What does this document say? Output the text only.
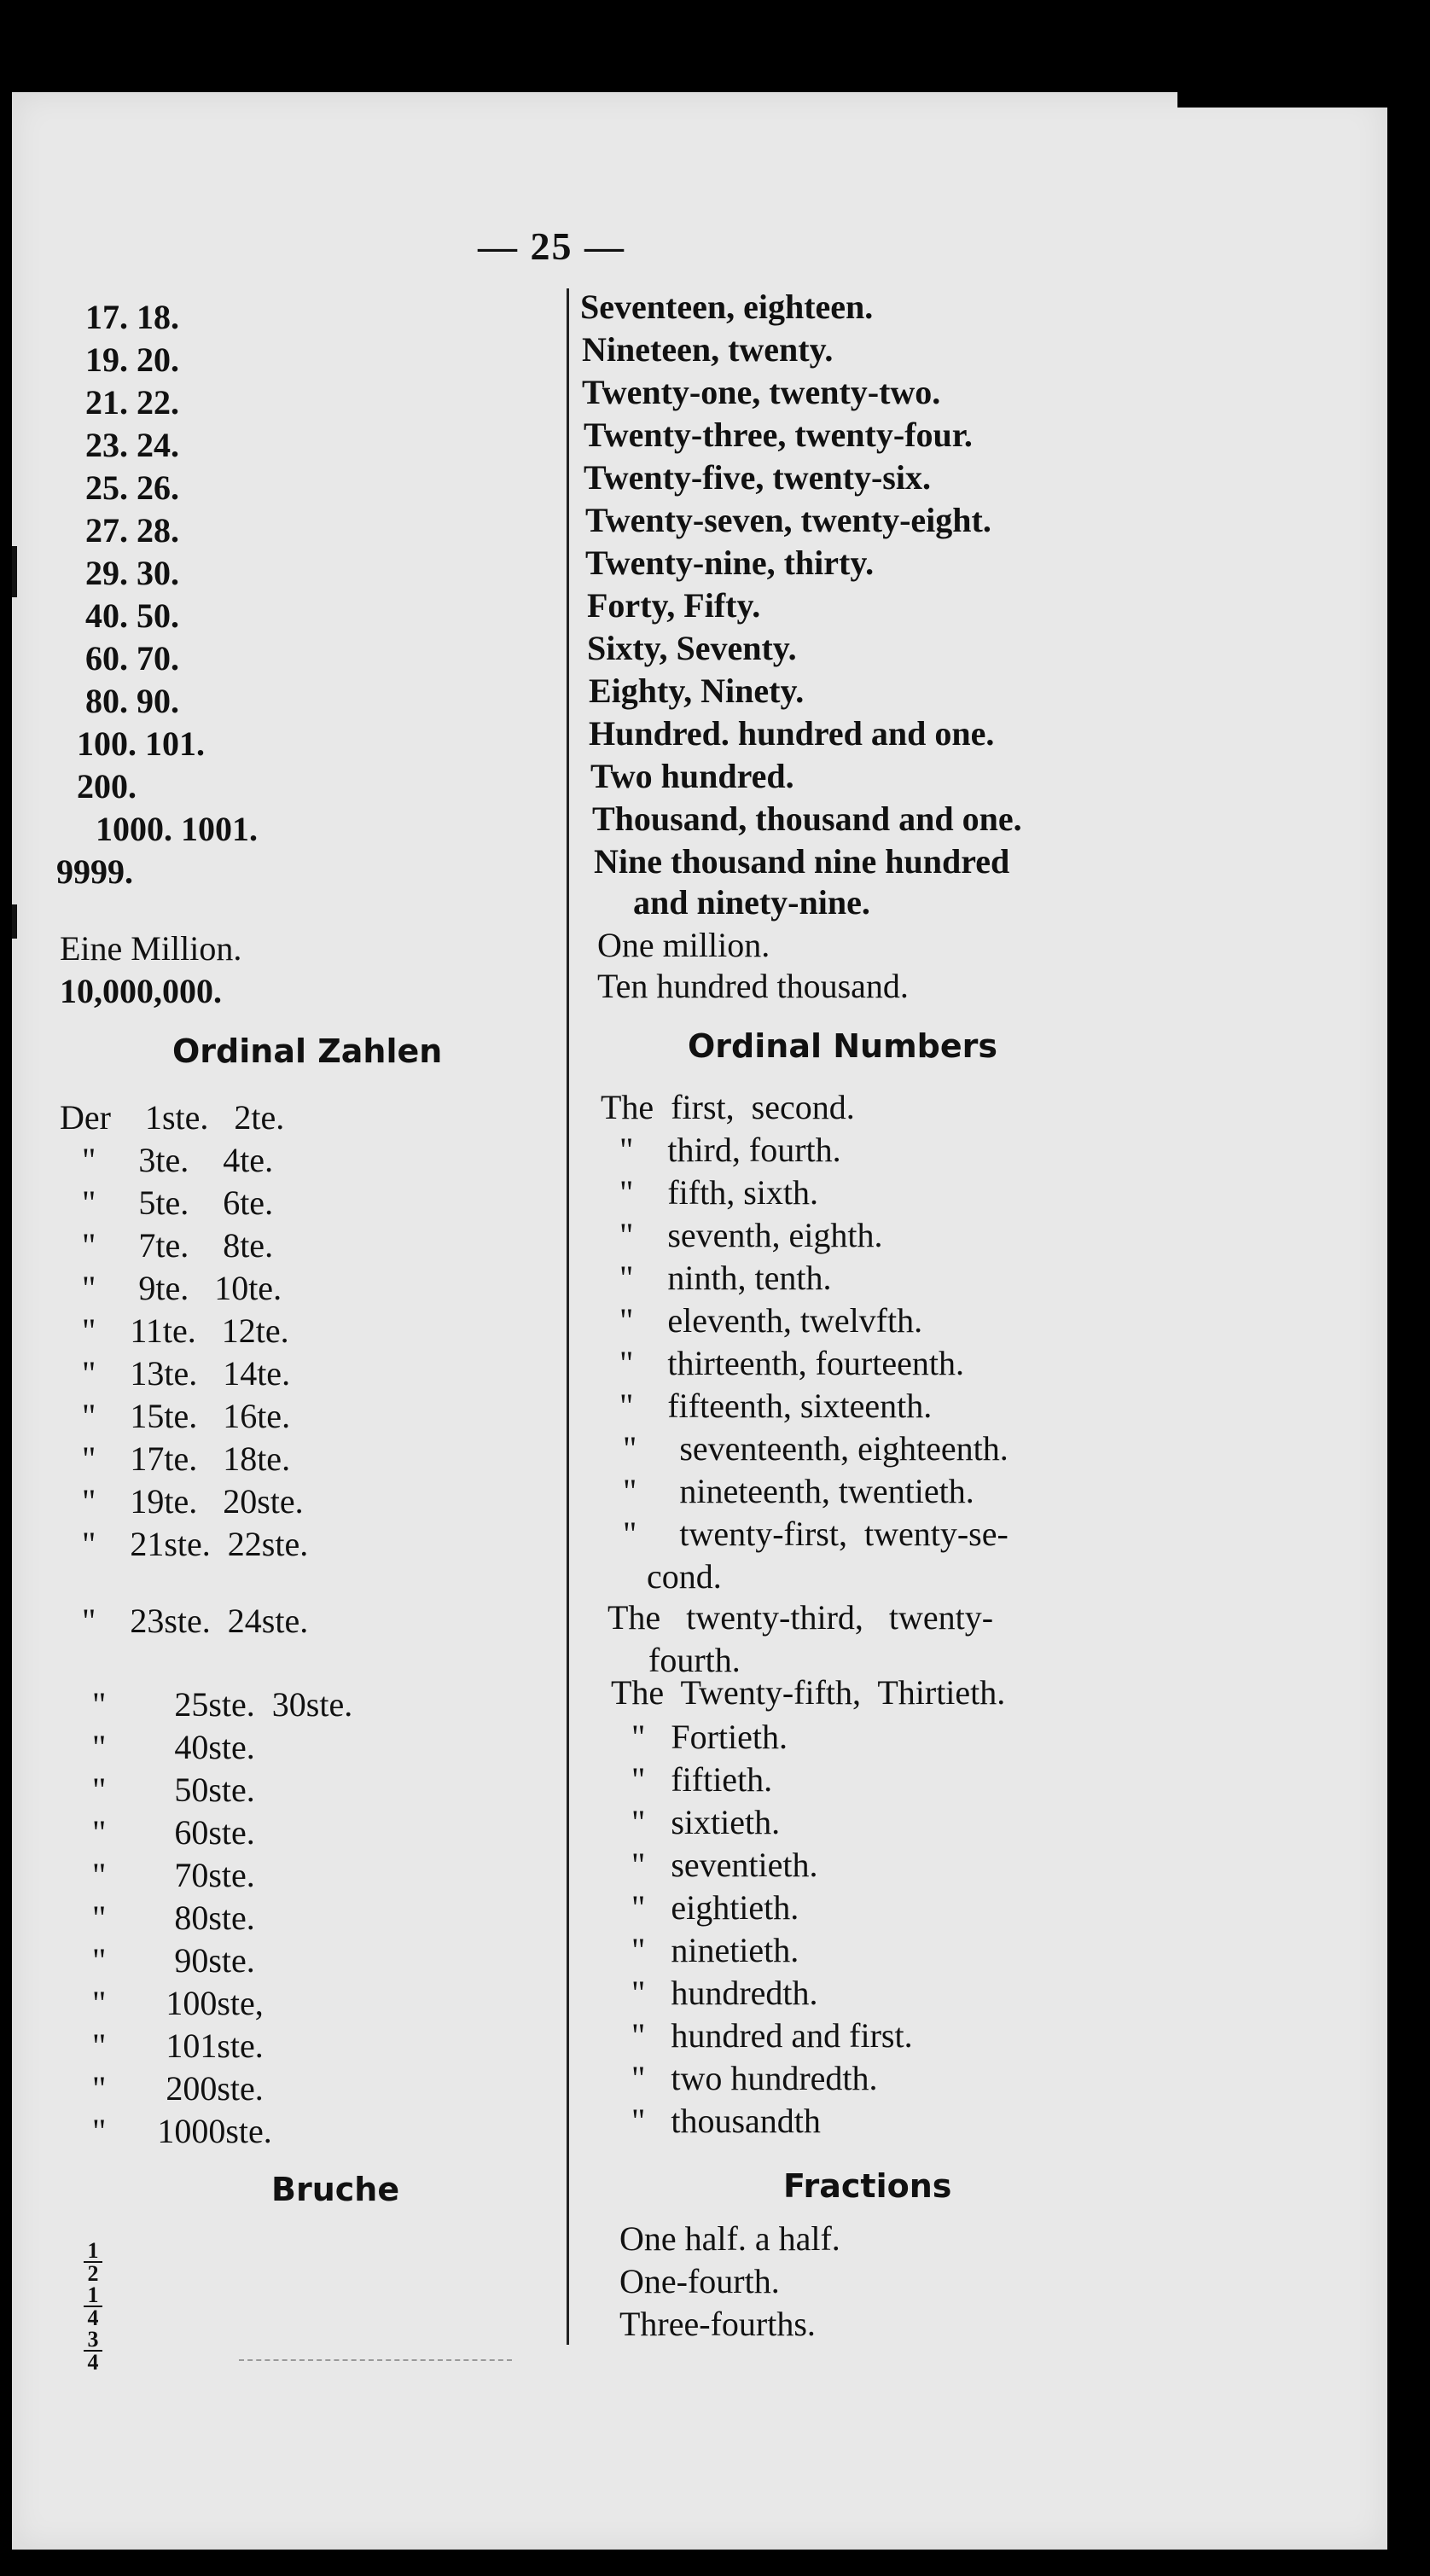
— 25 —
17. 18.
19. 20.
21. 22.
23. 24.
25. 26.
27. 28.
29. 30.
40. 50.
60. 70.
80. 90.
100. 101.
200.
1000. 1001.
9999.
Eine Million.
10,000,000.
Seventeen, eighteen.
Nineteen, twenty.
Twenty-one, twenty-two.
Twenty-three, twenty-four.
Twenty-five, twenty-six.
Twenty-seven, twenty-eight.
Twenty-nine, thirty.
Forty, Fifty.
Sixty, Seventy.
Eighty, Ninety.
Hundred. hundred and one.
Two hundred.
Thousand, thousand and one.
Nine thousand nine hundred
and ninety-nine.
One million.
Ten hundred thousand.
Ordinal Zahlen	Ordinal Numbers
Der    1ste.   2te.
"     3te.    4te.
"     5te.    6te.
"     7te.    8te.
"     9te.   10te.
"    11te.   12te.
"    13te.   14te.
"    15te.   16te.
"    17te.   18te.
"    19te.   20ste.
"    21ste.  22ste.
"    23ste.  24ste.
"        25ste.  30ste.
"        40ste.
"        50ste.
"        60ste.
"        70ste.
"        80ste.
"        90ste.
"       100ste,
"       101ste.
"       200ste.
"      1000ste.
The  first,  second.
"    third, fourth.
"    fifth, sixth.
"    seventh, eighth.
"    ninth, tenth.
"    eleventh, twelvfth.
"    thirteenth, fourteenth.
"    fifteenth, sixteenth.
"     seventeenth, eighteenth.
"     nineteenth, twentieth.
"     twenty-first,  twenty-se-
cond.
The   twenty-third,   twenty-
fourth.
The  Twenty-fifth,  Thirtieth.
"   Fortieth.
"   fiftieth.
"   sixtieth.
"   seventieth.
"   eightieth.
"   ninetieth.
"   hundredth.
"   hundred and first.
"   two hundredth.
"   thousandth
Bruche	Fractions
1
2
1
4
3
4
One half. a half.
One-fourth.
Three-fourths.
